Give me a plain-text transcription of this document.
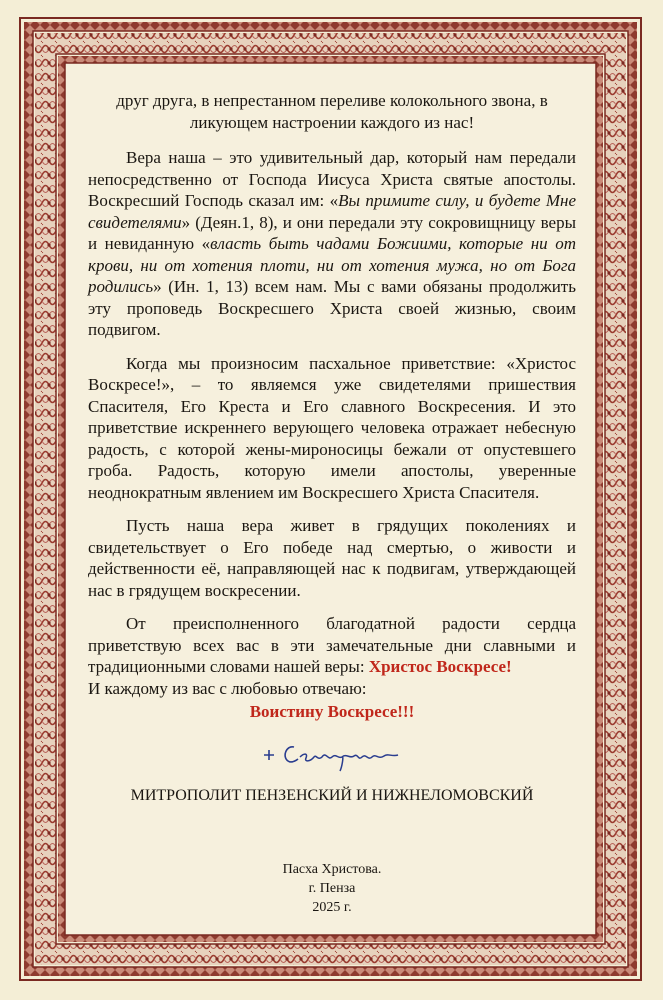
друг друга, в непрестанном переливе колокольного звона, в ликующем настроении каждого из нас!

Вера наша – это удивительный дар, который нам передали непосредственно от Господа Иисуса Христа святые апостолы. Воскресший Господь сказал им: «Вы примите силу, и будете Мне свидетелями» (Деян.1, 8), и они передали эту сокровищницу веры и невиданную «власть быть чадами Божиими, которые ни от крови, ни от хотения плоти, ни от хотения мужа, но от Бога родились» (Ин. 1, 13) всем нам. Мы с вами обязаны продолжить эту проповедь Воскресшего Христа своей жизнью, своим подвигом.

Когда мы произносим пасхальное приветствие: «Христос Воскресе!», – то являемся уже свидетелями пришествия Спасителя, Его Креста и Его славного Воскресения. И это приветствие искреннего верующего человека отражает небесную радость, с которой жены-мироносицы бежали от опустевшего гроба. Радость, которую имели апостолы, уверенные неоднократным явлением им Воскресшего Христа Спасителя.

Пусть наша вера живет в грядущих поколениях и свидетельствует о Его победе над смертью, о живости и действенности её, направляющей нас к подвигам, утверждающей нас в грядущем воскресении.

От преисполненного благодатной радости сердца приветствую всех вас в эти замечательные дни славными и традиционными словами нашей веры: Христос Воскресе!
И каждому из вас с любовью отвечаю:

Воистину Воскресе!!!
МИТРОПОЛИТ ПЕНЗЕНСКИЙ И НИЖНЕЛОМОВСКИЙ
Пасха Христова.
г. Пенза
2025 г.
